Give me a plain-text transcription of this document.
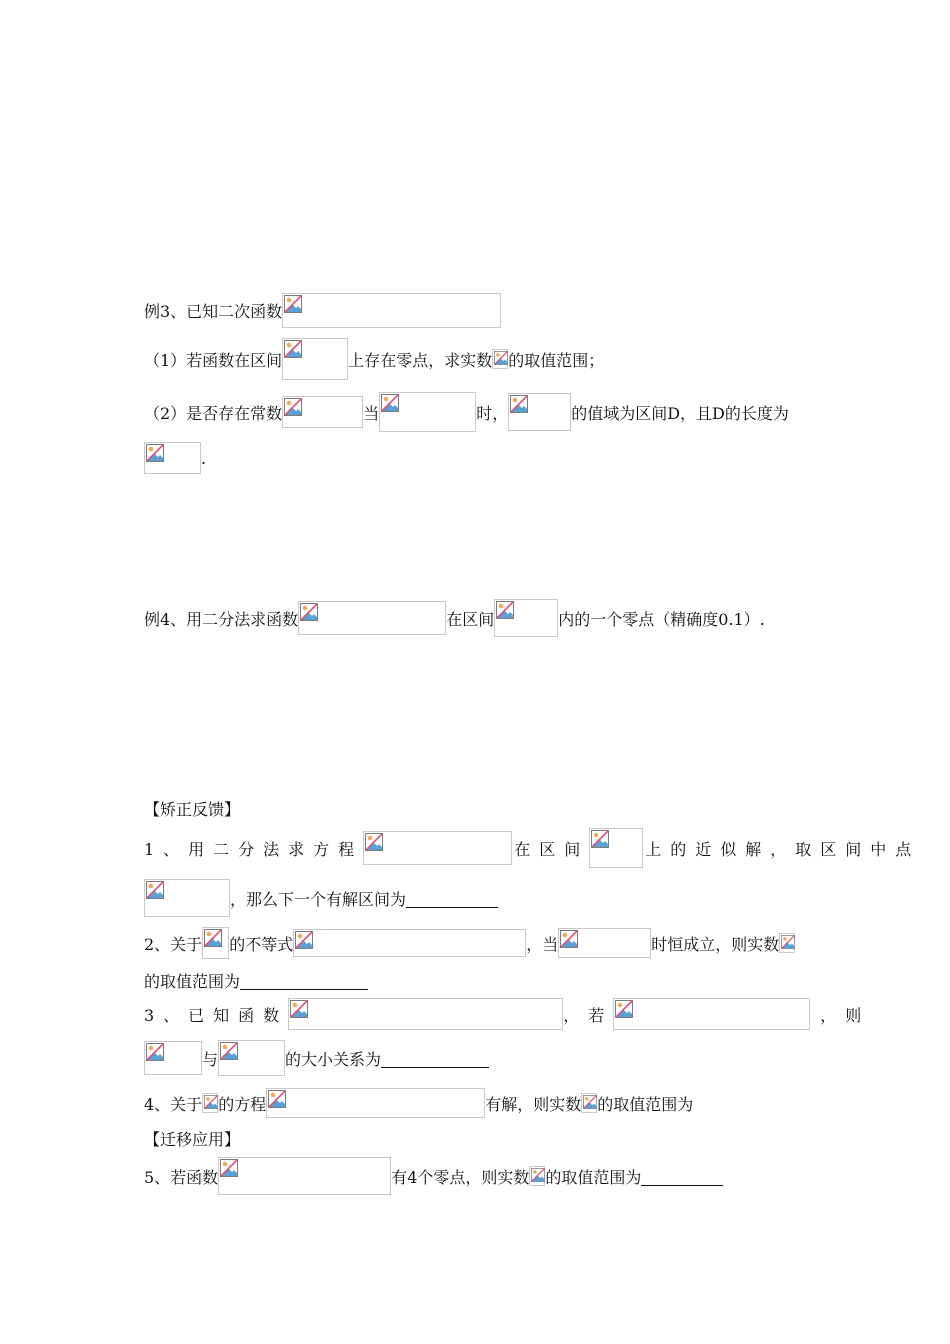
例3、已知二次函数
（1）若函数在区间	上存在零点，求实数 的取值范围；
（2）是否存在常数	当	时，	的值域为区间D，且D的长度为
.
例4、用二分法求函数	在区间	内的一个零点（精确度0.1）.
【矫正反馈】
1、用二分法求方程	在区间	上的近似解，取区间中点
，那么下一个有解区间为
2、关于 的不等式	，当	时恒成立，则实数
的取值范围为
3、已知函数	，若	，则
与	的大小关系为
4、关于 的方程	有解，则实数 的取值范围为
【迁移应用】
5、若函数	有4个零点，则实数 的取值范围为
